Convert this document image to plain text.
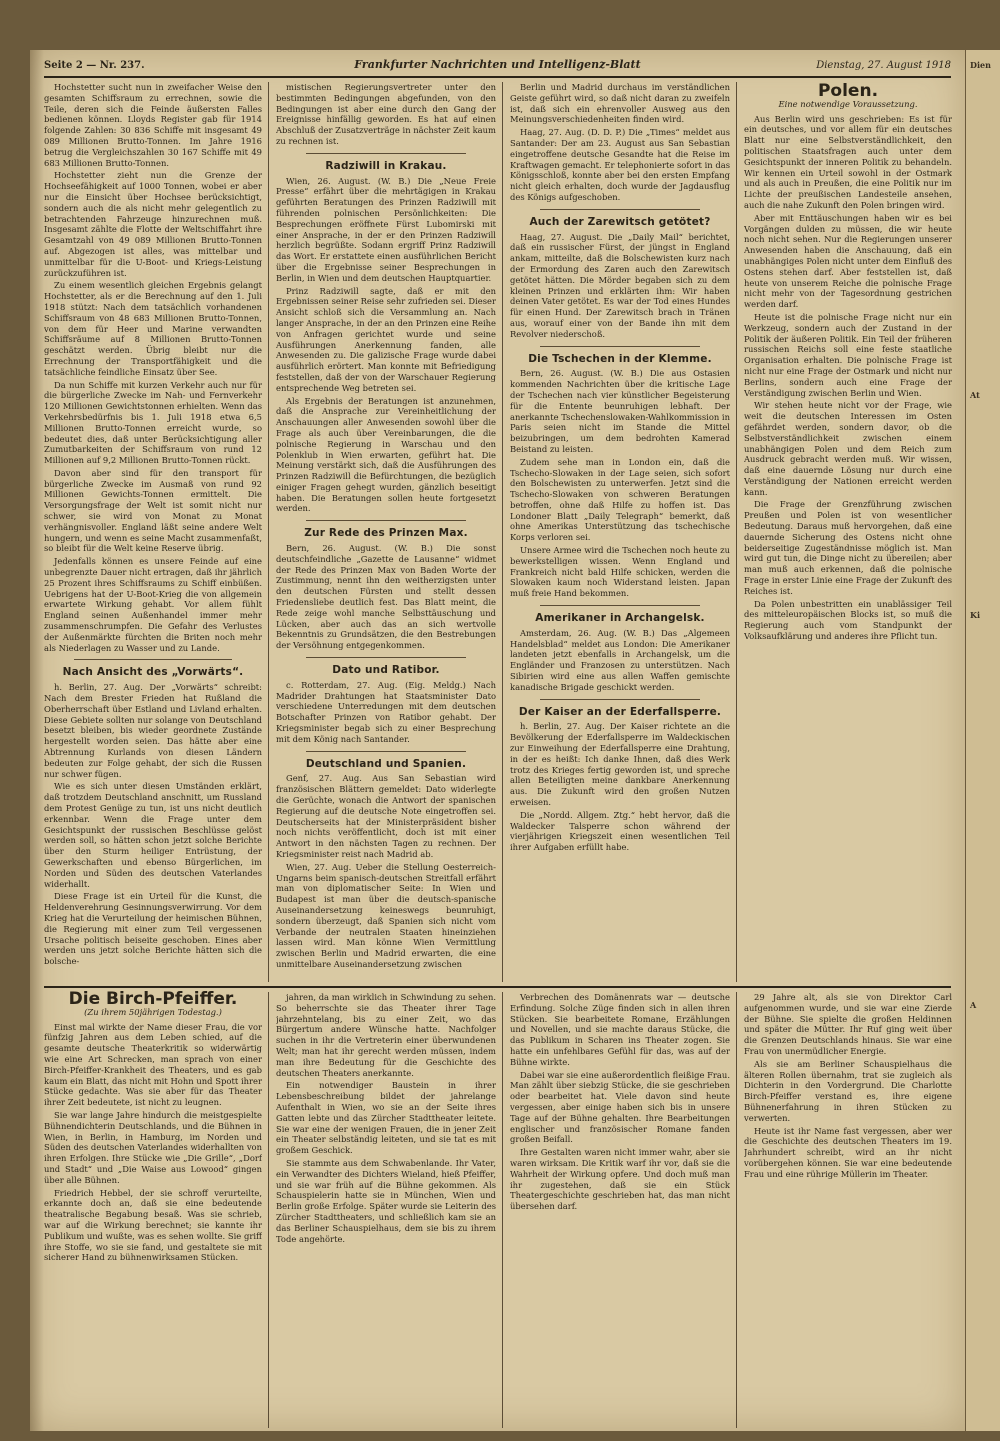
Seite 2 — Nr. 237.	Frankfurter Nachrichten und Intelligenz-Blatt	Dienstag, 27. August 1918

Hochstetter sucht nun in zweifacher Weise den gesamten Schiffsraum zu errechnen, sowie die Teile, deren sich die Feinde äußersten Falles bedienen können. Lloyds Register gab für 1914 folgende Zahlen: 30 836 Schiffe mit insgesamt 49 089 Millionen Brutto-Tonnen. Im Jahre 1916 betrug die Vergleichszahlen 30 167 Schiffe mit 49 683 Millionen Brutto-Tonnen.

Hochstetter zieht nun die Grenze der Hochseefähigkeit auf 1000 Tonnen, wobei er aber nur die Einsicht über Hochsee berücksichtigt, sondern auch die als nicht mehr gelegentlich zu betrachtenden Fahrzeuge hinzurechnen muß. Insgesamt zählte die Flotte der Weltschiffahrt ihre Gesamtzahl von 49 089 Millionen Brutto-Tonnen auf. Abgezogen ist alles, was mittelbar und unmittelbar für die U-Boot- und Kriegs-Leistung zurückzuführen ist.

Zu einem wesentlich gleichen Ergebnis gelangt Hochstetter, als er die Berechnung auf den 1. Juli 1918 stützt: Nach dem tatsächlich vorhandenen Schiffsraum von 48 683 Millionen Brutto-Tonnen, von dem für Heer und Marine verwandten Schiffsräume auf 8 Millionen Brutto-Tonnen geschätzt werden. Übrig bleibt nur die Errechnung der Transportfähigkeit und die tatsächliche feindliche Einsatz über See.

Da nun Schiffe mit kurzen Verkehr auch nur für die bürgerliche Zwecke im Nah- und Fernverkehr 120 Millionen Gewichtstonnen erhielten. Wenn das Verkehrsbedürfnis bis 1. Juli 1918 etwa 6,5 Millionen Brutto-Tonnen erreicht wurde, so bedeutet dies, daß unter Berücksichtigung aller Zumutbarkeiten der Schiffsraum von rund 12 Millionen auf 9,2 Millionen Brutto-Tonnen rückt.

Davon aber sind für den transport für bürgerliche Zwecke im Ausmaß von rund 92 Millionen Gewichts-Tonnen ermittelt. Die Versorgungsfrage der Welt ist somit nicht nur schwer, sie wird von Monat zu Monat verhängnisvoller. England läßt seine andere Welt hungern, und wenn es seine Macht zusammenfaßt, so bleibt für die Welt keine Reserve übrig.

Jedenfalls können es unsere Feinde auf eine unbegrenzte Dauer nicht ertragen, daß ihr jährlich 25 Prozent ihres Schiffsraums zu Schiff einbüßen. Uebrigens hat der U-Boot-Krieg die von allgemein erwartete Wirkung gehabt. Vor allem fühlt England seinen Außenhandel immer mehr zusammenschrumpfen. Die Gefahr des Verlustes der Außenmärkte fürchten die Briten noch mehr als Niederlagen zu Wasser und zu Lande.

Nach Ansicht des „Vorwärts“.

h. Berlin, 27. Aug. Der „Vorwärts“ schreibt: Nach dem Brester Frieden hat Rußland die Oberherrschaft über Estland und Livland erhalten. Diese Gebiete sollten nur solange von Deutschland besetzt bleiben, bis wieder geordnete Zustände hergestellt worden seien. Das hätte aber eine Abtrennung Kurlands von diesen Ländern bedeuten zur Folge gehabt, der sich die Russen nur schwer fügen.

Wie es sich unter diesen Umständen erklärt, daß trotzdem Deutschland anschnitt, um Russland dem Protest Genüge zu tun, ist uns nicht deutlich erkennbar. Wenn die Frage unter dem Gesichtspunkt der russischen Beschlüsse gelöst werden soll, so hätten schon jetzt solche Berichte über den Sturm heiliger Entrüstung, der Gewerkschaften und ebenso Bürgerlichen, im Norden und Süden des deutschen Vaterlandes widerhallt.

Diese Frage ist ein Urteil für die Kunst, die Heldenverehrung Gesinnungsverwirrung. Vor dem Krieg hat die Verurteilung der heimischen Bühnen, die Regierung mit einer zum Teil vergessenen Ursache politisch beiseite geschoben. Eines aber werden uns jetzt solche Berichte hätten sich die bolsche-

mistischen Regierungsvertreter unter den bestimmten Bedingungen abgefunden, von den Bedingungen ist aber eine durch den Gang der Ereignisse hinfällig geworden. Es hat auf einen Abschluß der Zusatzverträge in nächster Zeit kaum zu rechnen ist.

Radziwill in Krakau.

Wien, 26. August. (W. B.) Die „Neue Freie Presse“ erfährt über die mehrtägigen in Krakau geführten Beratungen des Prinzen Radziwill mit führenden polnischen Persönlichkeiten: Die Besprechungen eröffnete Fürst Lubomirski mit einer Ansprache, in der er den Prinzen Radziwill herzlich begrüßte. Sodann ergriff Prinz Radziwill das Wort. Er erstattete einen ausführlichen Bericht über die Ergebnisse seiner Besprechungen in Berlin, in Wien und dem deutschen Hauptquartier.

Prinz Radziwill sagte, daß er mit den Ergebnissen seiner Reise sehr zufrieden sei. Dieser Ansicht schloß sich die Versammlung an. Nach langer Ansprache, in der an den Prinzen eine Reihe von Anfragen gerichtet wurde und seine Ausführungen Anerkennung fanden, alle Anwesenden zu. Die galizische Frage wurde dabei ausführlich erörtert. Man konnte mit Befriedigung feststellen, daß der von der Warschauer Regierung entsprechende Weg betreten sei.

Als Ergebnis der Beratungen ist anzunehmen, daß die Ansprache zur Vereinheitlichung der Anschauungen aller Anwesenden sowohl über die Frage als auch über Vereinbarungen, die die polnische Regierung in Warschau und den Polenklub in Wien erwarten, geführt hat. Die Meinung verstärkt sich, daß die Ausführungen des Prinzen Radziwill die Befürchtungen, die bezüglich einiger Fragen gehegt wurden, gänzlich beseitigt haben. Die Beratungen sollen heute fortgesetzt werden.

Zur Rede des Prinzen Max.

Bern, 26. August. (W. B.) Die sonst deutschfeindliche „Gazette de Lausanne“ widmet der Rede des Prinzen Max von Baden Worte der Zustimmung, nennt ihn den weitherzigsten unter den deutschen Fürsten und stellt dessen Friedensliebe deutlich fest. Das Blatt meint, die Rede zeige wohl manche Selbsttäuschung und Lücken, aber auch das an sich wertvolle Bekenntnis zu Grundsätzen, die den Bestrebungen der Versöhnung entgegenkommen.

Dato und Ratibor.

c. Rotterdam, 27. Aug. (Eig. Meldg.) Nach Madrider Drahtungen hat Staatsminister Dato verschiedene Unterredungen mit dem deutschen Botschafter Prinzen von Ratibor gehabt. Der Kriegsminister begab sich zu einer Besprechung mit dem König nach Santander.

Deutschland und Spanien.

Genf, 27. Aug. Aus San Sebastian wird französischen Blättern gemeldet: Dato widerlegte die Gerüchte, wonach die Antwort der spanischen Regierung auf die deutsche Note eingetroffen sei. Deutscherseits hat der Ministerpräsident bisher noch nichts veröffentlicht, doch ist mit einer Antwort in den nächsten Tagen zu rechnen. Der Kriegsminister reist nach Madrid ab.

Wien, 27. Aug. Ueber die Stellung Oesterreich-Ungarns beim spanisch-deutschen Streitfall erfährt man von diplomatischer Seite: In Wien und Budapest ist man über die deutsch-spanische Auseinandersetzung keineswegs beunruhigt, sondern überzeugt, daß Spanien sich nicht vom Verbande der neutralen Staaten hineinziehen lassen wird. Man könne Wien Vermittlung zwischen Berlin und Madrid erwarten, die eine unmittelbare Auseinandersetzung zwischen

Berlin und Madrid durchaus im verständlichen Geiste geführt wird, so daß nicht daran zu zweifeln ist, daß sich ein ehrenvoller Ausweg aus den Meinungsverschiedenheiten finden wird.

Haag, 27. Aug. (D. D. P.) Die „Times“ meldet aus Santander: Der am 23. August aus San Sebastian eingetroffene deutsche Gesandte hat die Reise im Kraftwagen gemacht. Er telephonierte sofort in das Königsschloß, konnte aber bei den ersten Empfang nicht gleich erhalten, doch wurde der Jagdausflug des Königs aufgeschoben.

Auch der Zarewitsch getötet?

Haag, 27. August. Die „Daily Mail“ berichtet, daß ein russischer Fürst, der jüngst in England ankam, mitteilte, daß die Bolschewisten kurz nach der Ermordung des Zaren auch den Zarewitsch getötet hätten. Die Mörder begaben sich zu dem kleinen Prinzen und erklärten ihm: Wir haben deinen Vater getötet. Es war der Tod eines Hundes für einen Hund. Der Zarewitsch brach in Tränen aus, worauf einer von der Bande ihn mit dem Revolver niederschoß.

Die Tschechen in der Klemme.

Bern, 26. August. (W. B.) Die aus Ostasien kommenden Nachrichten über die kritische Lage der Tschechen nach vier künstlicher Begeisterung für die Entente beunruhigen lebhaft. Der anerkannte Tschechenslowaken-Wahlkommission in Paris seien nicht im Stande die Mittel beizubringen, um dem bedrohten Kamerad Beistand zu leisten.

Zudem sehe man in London ein, daß die Tschecho-Slowaken in der Lage seien, sich sofort den Bolschewisten zu unterwerfen. Jetzt sind die Tschecho-Slowaken von schweren Beratungen betroffen, ohne daß Hilfe zu hoffen ist. Das Londoner Blatt „Daily Telegraph“ bemerkt, daß ohne Amerikas Unterstützung das tschechische Korps verloren sei.

Unsere Armee wird die Tschechen noch heute zu bewerkstelligen wissen. Wenn England und Frankreich nicht bald Hilfe schicken, werden die Slowaken kaum noch Widerstand leisten. Japan muß freie Hand bekommen.

Amerikaner in Archangelsk.

Amsterdam, 26. Aug. (W. B.) Das „Algemeen Handelsblad“ meldet aus London: Die Amerikaner landeten jetzt ebenfalls in Archangelsk, um die Engländer und Franzosen zu unterstützen. Nach Sibirien wird eine aus allen Waffen gemischte kanadische Brigade geschickt werden.

Der Kaiser an der Ederfallsperre.

h. Berlin, 27. Aug. Der Kaiser richtete an die Bevölkerung der Ederfallsperre im Waldeckischen zur Einweihung der Ederfallsperre eine Drahtung, in der es heißt: Ich danke Ihnen, daß dies Werk trotz des Krieges fertig geworden ist, und spreche allen Beteiligten meine dankbare Anerkennung aus. Die Zukunft wird den großen Nutzen erweisen.

Die „Nordd. Allgem. Ztg.“ hebt hervor, daß die Waldecker Talsperre schon während der vierjährigen Kriegszeit einen wesentlichen Teil ihrer Aufgaben erfüllt habe.

Polen.
Eine notwendige Voraussetzung.

Aus Berlin wird uns geschrieben: Es ist für ein deutsches, und vor allem für ein deutsches Blatt nur eine Selbstverständlichkeit, den politischen Staatsfragen auch unter dem Gesichtspunkt der inneren Politik zu behandeln. Wir kennen ein Urteil sowohl in der Ostmark und als auch in Preußen, die eine Politik nur im Lichte der preußischen Landesteile ansehen, auch die nahe Zukunft den Polen bringen wird.

Aber mit Enttäuschungen haben wir es bei Vorgängen dulden zu müssen, die wir heute noch nicht sehen. Nur die Regierungen unserer Anwesenden haben die Anschauung, daß ein unabhängiges Polen nicht unter dem Einfluß des Ostens stehen darf. Aber feststellen ist, daß heute von unserem Reiche die polnische Frage nicht mehr von der Tagesordnung gestrichen werden darf.

Heute ist die polnische Frage nicht nur ein Werkzeug, sondern auch der Zustand in der Politik der äußeren Politik. Ein Teil der früheren russischen Reichs soll eine feste staatliche Organisation erhalten. Die polnische Frage ist nicht nur eine Frage der Ostmark und nicht nur Berlins, sondern auch eine Frage der Verständigung zwischen Berlin und Wien.

Wir stehen heute nicht vor der Frage, wie weit die deutschen Interessen im Osten gefährdet werden, sondern davor, ob die Selbstverständlichkeit zwischen einem unabhängigen Polen und dem Reich zum Ausdruck gebracht werden muß. Wir wissen, daß eine dauernde Lösung nur durch eine Verständigung der Nationen erreicht werden kann.

Die Frage der Grenzführung zwischen Preußen und Polen ist von wesentlicher Bedeutung. Daraus muß hervorgehen, daß eine dauernde Sicherung des Ostens nicht ohne beiderseitige Zugeständnisse möglich ist. Man wird gut tun, die Dinge nicht zu übereilen; aber man muß auch erkennen, daß die polnische Frage in erster Linie eine Frage der Zukunft des Reiches ist.

Da Polen unbestritten ein unablässiger Teil des mitteleuropäischen Blocks ist, so muß die Regierung auch vom Standpunkt der Volksaufklärung und anderes ihre Pflicht tun.

Die Birch-Pfeiffer.
(Zu ihrem 50jährigen Todestag.)

Einst mal wirkte der Name dieser Frau, die vor fünfzig Jahren aus dem Leben schied, auf die gesamte deutsche Theaterkritik so widerwärtig wie eine Art Schrecken, man sprach von einer Birch-Pfeiffer-Krankheit des Theaters, und es gab kaum ein Blatt, das nicht mit Hohn und Spott ihrer Stücke gedachte. Was sie aber für das Theater ihrer Zeit bedeutete, ist nicht zu leugnen.

Sie war lange Jahre hindurch die meistgespielte Bühnendichterin Deutschlands, und die Bühnen in Wien, in Berlin, in Hamburg, im Norden und Süden des deutschen Vaterlandes widerhallten von ihren Erfolgen. Ihre Stücke wie „Die Grille“, „Dorf und Stadt“ und „Die Waise aus Lowood“ gingen über alle Bühnen.

Friedrich Hebbel, der sie schroff verurteilte, erkannte doch an, daß sie eine bedeutende theatralische Begabung besaß. Was sie schrieb, war auf die Wirkung berechnet; sie kannte ihr Publikum und wußte, was es sehen wollte. Sie griff ihre Stoffe, wo sie sie fand, und gestaltete sie mit sicherer Hand zu bühnenwirksamen Stücken.

jahren, da man wirklich in Schwindung zu sehen. So beherrschte sie das Theater ihrer Tage jahrzehntelang, bis zu einer Zeit, wo das Bürgertum andere Wünsche hatte. Nachfolger suchen in ihr die Vertreterin einer überwundenen Welt; man hat ihr gerecht werden müssen, indem man ihre Bedeutung für die Geschichte des deutschen Theaters anerkannte.

Ein notwendiger Baustein in ihrer Lebensbeschreibung bildet der jahrelange Aufenthalt in Wien, wo sie an der Seite ihres Gatten lebte und das Zürcher Stadttheater leitete. Sie war eine der wenigen Frauen, die in jener Zeit ein Theater selbständig leiteten, und sie tat es mit großem Geschick.

Sie stammte aus dem Schwabenlande. Ihr Vater, ein Verwandter des Dichters Wieland, hieß Pfeiffer, und sie war früh auf die Bühne gekommen. Als Schauspielerin hatte sie in München, Wien und Berlin große Erfolge. Später wurde sie Leiterin des Zürcher Stadttheaters, und schließlich kam sie an das Berliner Schauspielhaus, dem sie bis zu ihrem Tode angehörte.

Verbrechen des Domänenrats war — deutsche Erfindung. Solche Züge finden sich in allen ihren Stücken. Sie bearbeitete Romane, Erzählungen und Novellen, und sie machte daraus Stücke, die das Publikum in Scharen ins Theater zogen. Sie hatte ein unfehlbares Gefühl für das, was auf der Bühne wirkte.

Dabei war sie eine außerordentlich fleißige Frau. Man zählt über siebzig Stücke, die sie geschrieben oder bearbeitet hat. Viele davon sind heute vergessen, aber einige haben sich bis in unsere Tage auf der Bühne gehalten. Ihre Bearbeitungen englischer und französischer Romane fanden großen Beifall.

Ihre Gestalten waren nicht immer wahr, aber sie waren wirksam. Die Kritik warf ihr vor, daß sie die Wahrheit der Wirkung opfere. Und doch muß man ihr zugestehen, daß sie ein Stück Theatergeschichte geschrieben hat, das man nicht übersehen darf.

29 Jahre alt, als sie von Direktor Carl aufgenommen wurde, und sie war eine Zierde der Bühne. Sie spielte die großen Heldinnen und später die Mütter. Ihr Ruf ging weit über die Grenzen Deutschlands hinaus. Sie war eine Frau von unermüdlicher Energie.

Als sie am Berliner Schauspielhaus die älteren Rollen übernahm, trat sie zugleich als Dichterin in den Vordergrund. Die Charlotte Birch-Pfeiffer verstand es, ihre eigene Bühnenerfahrung in ihren Stücken zu verwerten.

Heute ist ihr Name fast vergessen, aber wer die Geschichte des deutschen Theaters im 19. Jahrhundert schreibt, wird an ihr nicht vorübergehen können. Sie war eine bedeutende Frau und eine rührige Müllerin im Theater.

Dien
At
Ki
A
